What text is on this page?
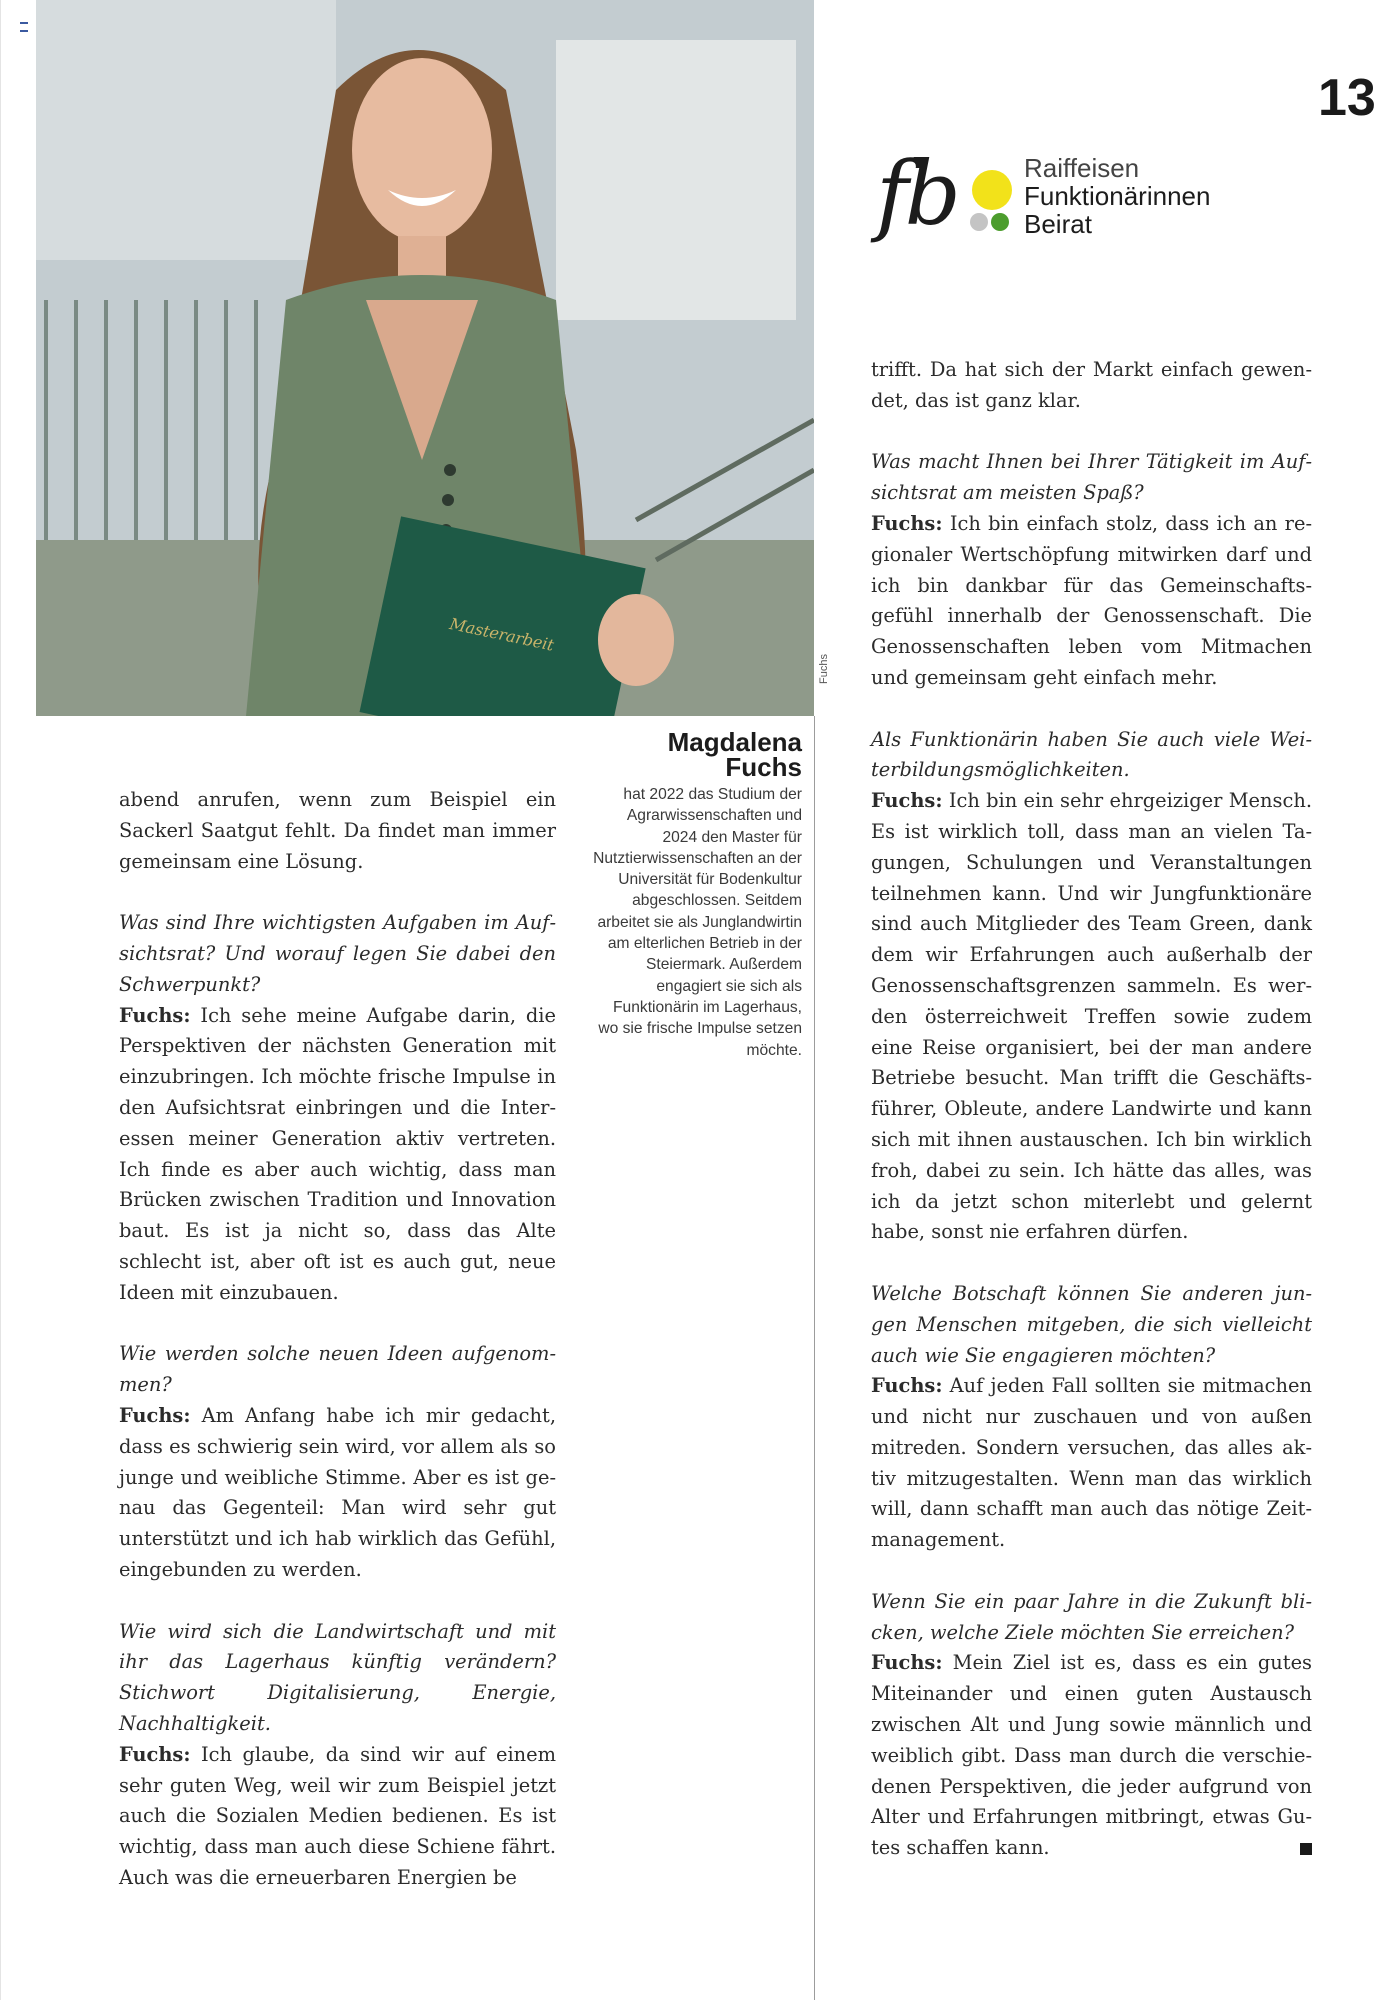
13
Masterarbeit
Fuchs
fb	Raiffeisen
Funktionärinnen
Beirat
Magdalena
Fuchs

hat 2022 das Studium der Agrarwissenschaften und 2024 den Master für Nutztierwissenschaften an der Universität für Bodenkultur abgeschlossen. Seitdem arbeitet sie als Junglandwirtin am elterlichen Betrieb in der Steiermark. Außerdem engagiert sie sich als Funktionärin im Lagerhaus, wo sie frische Impulse setzen möchte.

abend anrufen, wenn zum Beispiel ein Sackerl Saatgut fehlt. Da findet man immer gemeinsam eine Lösung.

Was sind Ihre wichtigsten Aufgaben im Aufsichtsrat? Und worauf legen Sie dabei den Schwerpunkt?
Fuchs: Ich sehe meine Aufgabe darin, die Perspektiven der nächsten Generation mit einzubringen. Ich möchte frische Impulse in den Aufsichtsrat einbringen und die Interessen meiner Generation aktiv vertreten. Ich finde es aber auch wichtig, dass man Brücken zwischen Tradition und Innovation baut. Es ist ja nicht so, dass das Alte schlecht ist, aber oft ist es auch gut, neue Ideen mit einzubauen.

Wie werden solche neuen Ideen aufgenommen?
Fuchs: Am Anfang habe ich mir gedacht, dass es schwierig sein wird, vor allem als so junge und weibliche Stimme. Aber es ist genau das Gegenteil: Man wird sehr gut unterstützt und ich hab wirklich das Gefühl, eingebunden zu werden.

Wie wird sich die Landwirtschaft und mit ihr das Lagerhaus künftig verändern? Stichwort Digitalisierung, Energie, Nachhaltigkeit.
Fuchs: Ich glaube, da sind wir auf einem sehr guten Weg, weil wir zum Beispiel jetzt auch die Sozialen Medien bedienen. Es ist wichtig, dass man auch diese Schiene fährt. Auch was die erneuerbaren Energien be

trifft. Da hat sich der Markt einfach gewendet, das ist ganz klar.

Was macht Ihnen bei Ihrer Tätigkeit im Aufsichtsrat am meisten Spaß?
Fuchs: Ich bin einfach stolz, dass ich an regionaler Wertschöpfung mitwirken darf und ich bin dankbar für das Gemeinschaftsgefühl innerhalb der Genossenschaft. Die Genossenschaften leben vom Mitmachen und gemeinsam geht einfach mehr.

Als Funktionärin haben Sie auch viele Weiterbildungsmöglichkeiten.
Fuchs: Ich bin ein sehr ehrgeiziger Mensch. Es ist wirklich toll, dass man an vielen Tagungen, Schulungen und Veranstaltungen teilnehmen kann. Und wir Jungfunktionäre sind auch Mitglieder des Team Green, dank dem wir Erfahrungen auch außerhalb der Genossenschaftsgrenzen sammeln. Es werden österreichweit Treffen sowie zudem eine Reise organisiert, bei der man andere Betriebe besucht. Man trifft die Geschäftsführer, Obleute, andere Landwirte und kann sich mit ihnen austauschen. Ich bin wirklich froh, dabei zu sein. Ich hätte das alles, was ich da jetzt schon miterlebt und gelernt habe, sonst nie erfahren dürfen.

Welche Botschaft können Sie anderen jungen Menschen mitgeben, die sich vielleicht auch wie Sie engagieren möchten?
Fuchs: Auf jeden Fall sollten sie mitmachen und nicht nur zuschauen und von außen mitreden. Sondern versuchen, das alles aktiv mitzugestalten. Wenn man das wirklich will, dann schafft man auch das nötige Zeitmanagement.

Wenn Sie ein paar Jahre in die Zukunft blicken, welche Ziele möchten Sie erreichen?
Fuchs: Mein Ziel ist es, dass es ein gutes Miteinander und einen guten Austausch zwischen Alt und Jung sowie männlich und weiblich gibt. Dass man durch die verschiedenen Perspektiven, die jeder aufgrund von Alter und Erfahrungen mitbringt, etwas Gutes schaffen kann.
